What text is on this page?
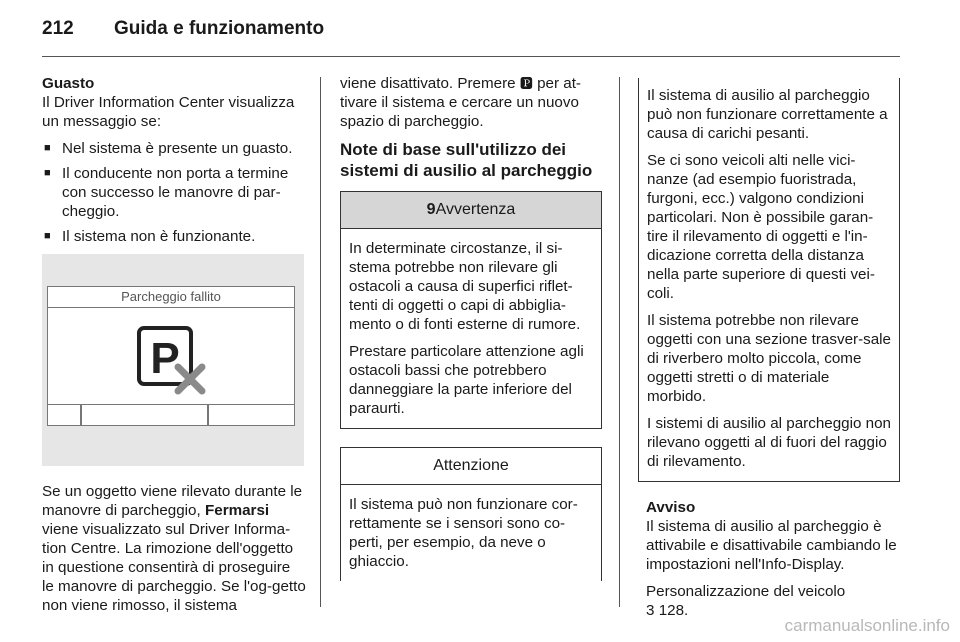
212 Guida e funzionamento

Guasto
Il Driver Information Center visualizza un messaggio se:

■ Nel sistema è presente un guasto.
■ Il conducente non porta a termine con successo le manovre di par-cheggio.
■ Il sistema non è funzionante.
Parcheggio fallito
P

Se un oggetto viene rilevato durante le manovre di parcheggio, Fermarsi viene visualizzato sul Driver Informa-tion Centre. La rimozione dell'oggetto in questione consentirà di proseguire le manovre di parcheggio. Se l'og-getto non viene rimosso, il sistema

viene disattivato. Premere 🅿 per at-tivare il sistema e cercare un nuovo spazio di parcheggio.

Note di base sull'utilizzo dei sistemi di ausilio al parcheggio
9Avvertenza

In determinate circostanze, il si-stema potrebbe non rilevare gli ostacoli a causa di superfici riflet-tenti di oggetti o capi di abbiglia-mento o di fonti esterne di rumore.

Prestare particolare attenzione agli ostacoli bassi che potrebbero danneggiare la parte inferiore del paraurti.

Attenzione

Il sistema può non funzionare cor-rettamente se i sensori sono co-perti, per esempio, da neve o ghiaccio.

Il sistema di ausilio al parcheggio può non funzionare correttamente a causa di carichi pesanti.

Se ci sono veicoli alti nelle vici-nanze (ad esempio fuoristrada, furgoni, ecc.) valgono condizioni particolari. Non è possibile garan-tire il rilevamento di oggetti e l'in-dicazione corretta della distanza nella parte superiore di questi vei-coli.

Il sistema potrebbe non rilevare oggetti con una sezione trasver-sale di riverbero molto piccola, come oggetti stretti o di materiale morbido.

I sistemi di ausilio al parcheggio non rilevano oggetti al di fuori del raggio di rilevamento.

Avviso
Il sistema di ausilio al parcheggio è attivabile e disattivabile cambiando le impostazioni nell'Info-Display.

Personalizzazione del veicolo
3 128.

carmanualsonline.info
